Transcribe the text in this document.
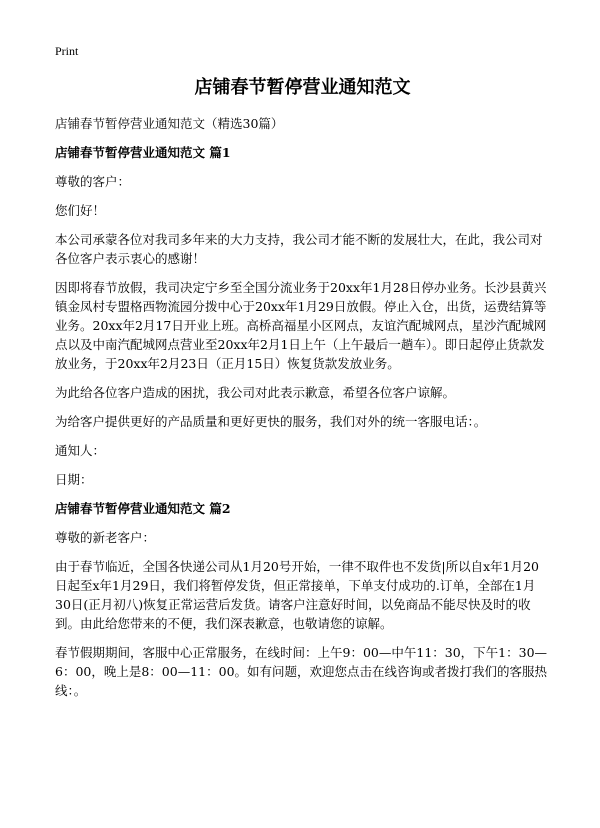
Print
店铺春节暂停营业通知范文

店铺春节暂停营业通知范文（精选30篇）

店铺春节暂停营业通知范文 篇1

尊敬的客户：

您们好！

本公司承蒙各位对我司多年来的大力支持，我公司才能不断的发展壮大，在此，我公司对各位客户表示衷心的感谢！

因即将春节放假，我司决定宁乡至全国分流业务于20xx年1月28日停办业务。长沙县黄兴镇金凤村专盟格西物流园分拨中心于20xx年1月29日放假。停止入仓，出货，运费结算等业务。20xx年2月17日开业上班。高桥高福星小区网点，友谊汽配城网点，星沙汽配城网点以及中南汽配城网点营业至20xx年2月1日上午（上午最后一趟车）。即日起停止货款发放业务，于20xx年2月23日（正月15日）恢复货款发放业务。

为此给各位客户造成的困扰，我公司对此表示歉意，希望各位客户谅解。

为给客户提供更好的产品质量和更好更快的服务，我们对外的统一客服电话：。

通知人：

日期：

店铺春节暂停营业通知范文 篇2

尊敬的新老客户：

由于春节临近，全国各快递公司从1月20号开始，一律不取件也不发货|所以自x年1月20日起至x年1月29日，我们将暂停发货，但正常接单，下单支付成功的.订单，全部在1月30日(正月初八)恢复正常运营后发货。请客户注意好时间，以免商品不能尽快及时的收到。由此给您带来的不便，我们深表歉意，也敬请您的谅解。

春节假期期间，客服中心正常服务，在线时间：上午9：00—中午11：30，下午1：30—6：00，晚上是8：00—11：00。如有问题，欢迎您点击在线咨询或者拨打我们的客服热线：。
